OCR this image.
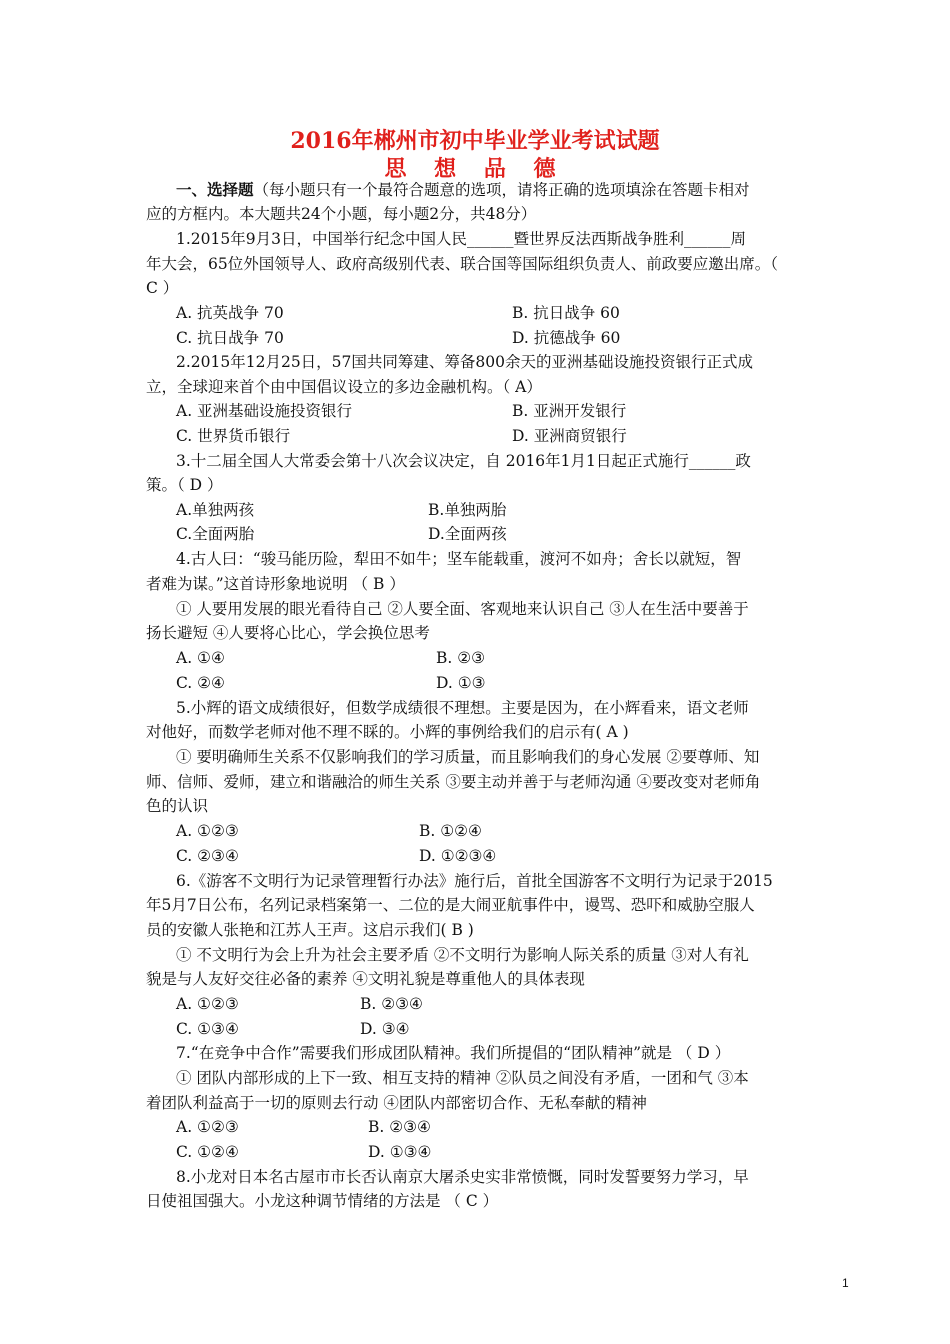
2016年郴州市初中毕业学业考试试题
思 想 品 德
一、选择题（每小题只有一个最符合题意的选项，请将正确的选项填涂在答题卡相对
应的方框内。本大题共24个小题，每小题2分，共48分）
1.2015年9月3日，中国举行纪念中国人民______暨世界反法西斯战争胜利______周
年大会，65位外国领导人、政府高级别代表、联合国等国际组织负责人、前政要应邀出席。（
C ）
A. 抗英战争 70	B. 抗日战争 60
C. 抗日战争 70	D. 抗德战争 60
2.2015年12月25日，57国共同筹建、筹备800余天的亚洲基础设施投资银行正式成
立，全球迎来首个由中国倡议设立的多边金融机构。（ A）
A. 亚洲基础设施投资银行	B. 亚洲开发银行
C. 世界货币银行	D. 亚洲商贸银行
3.十二届全国人大常委会第十八次会议决定，自 2016年1月1日起正式施行______政
策。（ D ）
A.单独两孩	B.单独两胎
C.全面两胎	D.全面两孩
4.古人曰：“骏马能历险，犁田不如牛；坚车能载重，渡河不如舟；舍长以就短，智
者难为谋。”这首诗形象地说明 （ B ）
① 人要用发展的眼光看待自己 ②人要全面、客观地来认识自己 ③人在生活中要善于
扬长避短 ④人要将心比心，学会换位思考
A. ①④	B. ②③
C. ②④	D. ①③
5.小辉的语文成绩很好，但数学成绩很不理想。主要是因为，在小辉看来，语文老师
对他好，而数学老师对他不理不睬的。小辉的事例给我们的启示有( A )
① 要明确师生关系不仅影响我们的学习质量，而且影响我们的身心发展 ②要尊师、知
师、信师、爱师，建立和谐融洽的师生关系 ③要主动并善于与老师沟通 ④要改变对老师角
色的认识
A. ①②③	B. ①②④
C. ②③④	D. ①②③④
6.《游客不文明行为记录管理暂行办法》施行后，首批全国游客不文明行为记录于2015
年5月7日公布，名列记录档案第一、二位的是大闹亚航事件中，谩骂、恐吓和威胁空服人
员的安徽人张艳和江苏人王声。这启示我们( B )
① 不文明行为会上升为社会主要矛盾 ②不文明行为影响人际关系的质量 ③对人有礼
貌是与人友好交往必备的素养 ④文明礼貌是尊重他人的具体表现
A. ①②③	B. ②③④
C. ①③④	D. ③④
7.“在竞争中合作”需要我们形成团队精神。我们所提倡的“团队精神”就是 （ D ）
① 团队内部形成的上下一致、相互支持的精神 ②队员之间没有矛盾，一团和气 ③本
着团队利益高于一切的原则去行动 ④团队内部密切合作、无私奉献的精神
A. ①②③	B. ②③④
C. ①②④	D. ①③④
8.小龙对日本名古屋市市长否认南京大屠杀史实非常愤慨，同时发誓要努力学习，早
日使祖国强大。小龙这种调节情绪的方法是 （ C ）
1
